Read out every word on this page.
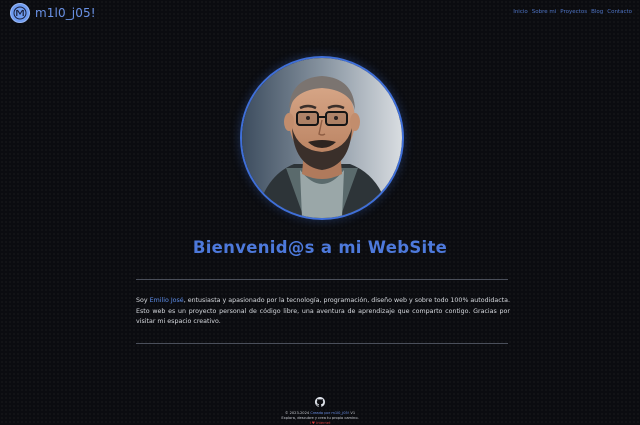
m1l0_j05!	Inicio Sobre mi Proyectos Blog Contacto
Bienvenid@s a mi WebSite

Soy Emilio José, entusiasta y apasionado por la tecnología, programación, diseño web y sobre todo 100% autodidacta. Esto web es un proyecto personal de código libre, una aventura de aprendizaje que comparto contigo. Gracias por visitar mi espacio creativo.

© 2023-2024 Creado por m1l0_j05! V1
Explora, descubre y crea tu propio camino.
I ♥ Internet
